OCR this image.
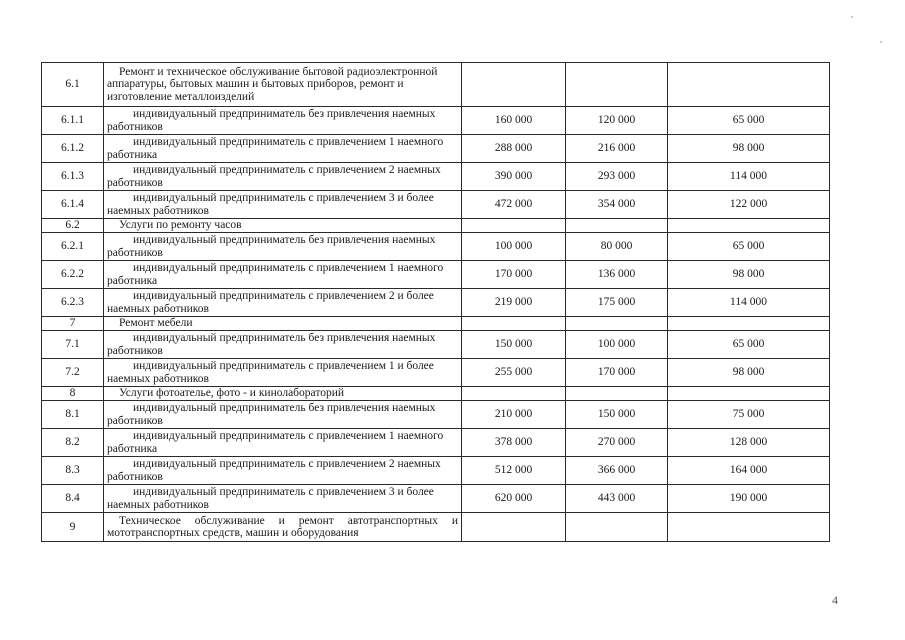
6.1	Ремонт и техническое обслуживание бытовой радиоэлектронной аппаратуры, бытовых машин и бытовых приборов, ремонт и изготовление металлоизделий			

6.1.1	индивидуальный предприниматель без привлечения наемных работников	160 000	120 000	65 000
6.1.2	индивидуальный предприниматель с привлечением 1 наемного работника	288 000	216 000	98 000
6.1.3	индивидуальный предприниматель с привлечением 2 наемных работников	390 000	293 000	114 000
6.1.4	индивидуальный предприниматель с привлечением 3 и более наемных работников	472 000	354 000	122 000
6.2	Услуги по ремонту часов			

6.2.1	индивидуальный предприниматель без привлечения наемных работников	100 000	80 000	65 000
6.2.2	индивидуальный предприниматель с привлечением 1 наемного работника	170 000	136 000	98 000
6.2.3	индивидуальный предприниматель с привлечением 2 и более наемных работников	219 000	175 000	114 000
7	Ремонт мебели			

7.1	индивидуальный предприниматель без привлечения наемных работников	150 000	100 000	65 000
7.2	индивидуальный предприниматель с привлечением 1 и более наемных работников	255 000	170 000	98 000
8	Услуги фотоателье, фото - и кинолабораторий			

8.1	индивидуальный предприниматель без привлечения наемных работников	210 000	150 000	75 000
8.2	индивидуальный предприниматель с привлечением 1 наемного работника	378 000	270 000	128 000
8.3	индивидуальный предприниматель с привлечением 2 наемных работников	512 000	366 000	164 000
8.4	индивидуальный предприниматель с привлечением 3 и более наемных работников	620 000	443 000	190 000
9	Техническое обслуживание и ремонт автотранспортных и мототранспортных средств, машин и оборудования			

4
